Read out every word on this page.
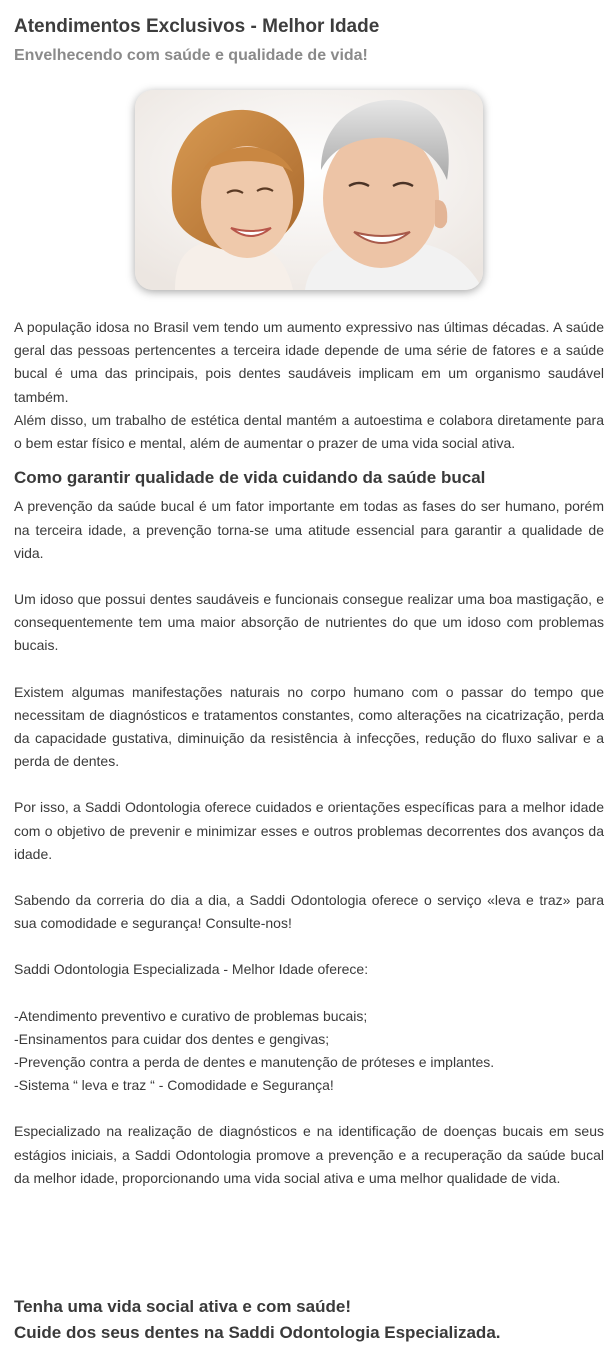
Atendimentos Exclusivos - Melhor Idade
Envelhecendo com saúde e qualidade de vida!

A população idosa no Brasil vem tendo um aumento expressivo nas últimas décadas. A saúde geral das pessoas pertencentes a terceira idade depende de uma série de fatores e a saúde bucal é uma das principais, pois dentes saudáveis implicam em um organismo saudável também.

Além disso, um trabalho de estética dental mantém a autoestima e colabora diretamente para o bem estar físico e mental, além de aumentar o prazer de uma vida social ativa.

Como garantir qualidade de vida cuidando da saúde bucal

A prevenção da saúde bucal é um fator importante em todas as fases do ser humano, porém na terceira idade, a prevenção torna-se uma atitude essencial para garantir a qualidade de vida.

Um idoso que possui dentes saudáveis e funcionais consegue realizar uma boa mastigação, e consequentemente tem uma maior absorção de nutrientes do que um idoso com problemas bucais.

Existem algumas manifestações naturais no corpo humano com o passar do tempo que necessitam de diagnósticos e tratamentos constantes, como alterações na cicatrização, perda da capacidade gustativa, diminuição da resistência à infecções, redução do fluxo salivar e a perda de dentes.

Por isso, a Saddi Odontologia oferece cuidados e orientações específicas para a melhor idade com o objetivo de prevenir e minimizar esses e outros problemas decorrentes dos avanços da idade.

Sabendo da correria do dia a dia, a Saddi Odontologia oferece o serviço «leva e traz» para sua comodidade e segurança! Consulte-nos!

Saddi Odontologia Especializada - Melhor Idade oferece:

-Atendimento preventivo e curativo de problemas bucais;
-Ensinamentos para cuidar dos dentes e gengivas;
-Prevenção contra a perda de dentes e manutenção de próteses e implantes.
-Sistema “ leva e traz “ - Comodidade e Segurança!

Especializado na realização de diagnósticos e na identificação de doenças bucais em seus estágios iniciais, a Saddi Odontologia promove a prevenção e a recuperação da saúde bucal da melhor idade, proporcionando uma vida social ativa e uma melhor qualidade de vida.

Tenha uma vida social ativa e com saúde!
Cuide dos seus dentes na Saddi Odontologia Especializada.
